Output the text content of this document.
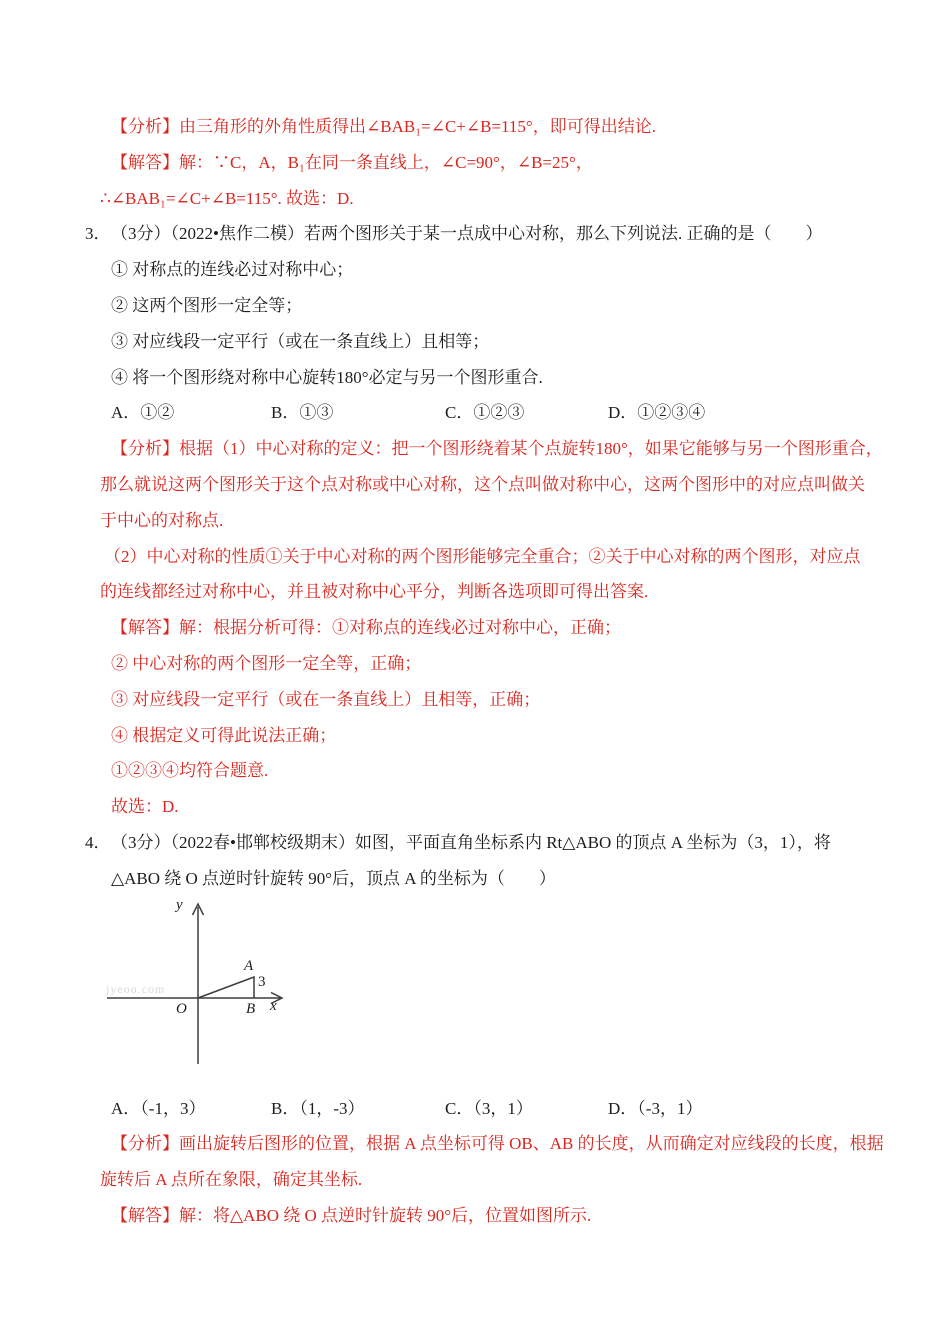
【分析】由三角形的外角性质得出∠BAB₁=∠C+∠B=115°，即可得出结论.
【解答】解：∵C，A，B₁在同一条直线上，∠C=90°，∠B=25°，
∴∠BAB₁=∠C+∠B=115°. 故选：D.
3． （3分）（2022•焦作二模）若两个图形关于某一点成中心对称，那么下列说法. 正确的是（　　）
① 对称点的连线必过对称中心；
② 这两个图形一定全等；
③ 对应线段一定平行（或在一条直线上）且相等；
④ 将一个图形绕对称中心旋转180°必定与另一个图形重合.
A．①②	B．①③	C．①②③	D．①②③④
【分析】根据（1）中心对称的定义：把一个图形绕着某个点旋转180°，如果它能够与另一个图形重合，
那么就说这两个图形关于这个点对称或中心对称，这个点叫做对称中心，这两个图形中的对应点叫做关
于中心的对称点.
（2）中心对称的性质①关于中心对称的两个图形能够完全重合；②关于中心对称的两个图形，对应点
的连线都经过对称中心，并且被对称中心平分，判断各选项即可得出答案.
【解答】解：根据分析可得：①对称点的连线必过对称中心，正确；
② 中心对称的两个图形一定全等，正确；
③ 对应线段一定平行（或在一条直线上）且相等，正确；
④ 根据定义可得此说法正确；
①②③④均符合题意.
故选：D.
4． （3分）（2022春•邯郸校级期末）如图，平面直角坐标系内 Rt△ABO 的顶点 A 坐标为（3，1），将
△ABO 绕 O 点逆时针旋转 90°后，顶点 A 的坐标为（　　）
jyeoo.com
y
x
O
A
B
3
A．（-1，3）	B．（1，-3）	C．（3，1）	D．（-3，1）
【分析】画出旋转后图形的位置，根据 A 点坐标可得 OB、AB 的长度，从而确定对应线段的长度，根据
旋转后 A 点所在象限，确定其坐标.
【解答】解：将△ABO 绕 O 点逆时针旋转 90°后，位置如图所示.
